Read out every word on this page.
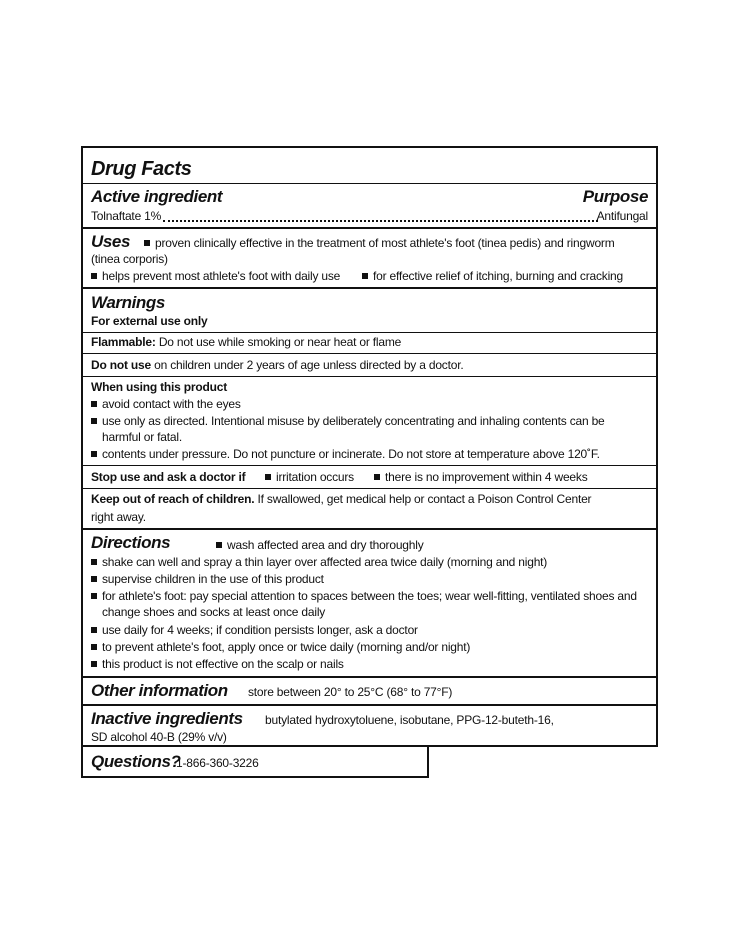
Drug Facts
Active ingredient	Purpose
Tolnaftate 1%	Antifungal
Uses	proven clinically effective in the treatment of most athlete's foot (tinea pedis) and ringworm
(tinea corporis)
helps prevent most athlete's foot with daily use	for effective relief of itching, burning and cracking
Warnings
For external use only
Flammable: Do not use while smoking or near heat or flame
Do not use on children under 2 years of age unless directed by a doctor.
When using this product
avoid contact with the eyes
use only as directed. Intentional misuse by deliberately concentrating and inhaling contents can be
harmful or fatal.
contents under pressure. Do not puncture or incinerate. Do not store at temperature above 120˚F.
Stop use and ask a doctor if	irritation occurs	there is no improvement within 4 weeks
Keep out of reach of children. If swallowed, get medical help or contact a Poison Control Center
right away.
Directions	wash affected area and dry thoroughly
shake can well and spray a thin layer over affected area twice daily (morning and night)
supervise children in the use of this product
for athlete's foot: pay special attention to spaces between the toes; wear well-fitting, ventilated shoes and
change shoes and socks at least once daily
use daily for 4 weeks; if condition persists longer, ask a doctor
to prevent athlete's foot, apply once or twice daily (morning and/or night)
this product is not effective on the scalp or nails
Other information store between 20° to 25°C (68° to 77°F)
Inactive ingredients butylated hydroxytoluene, isobutane, PPG-12-buteth-16,
SD alcohol 40-B (29% v/v)
Questions?
1-866-360-3226
